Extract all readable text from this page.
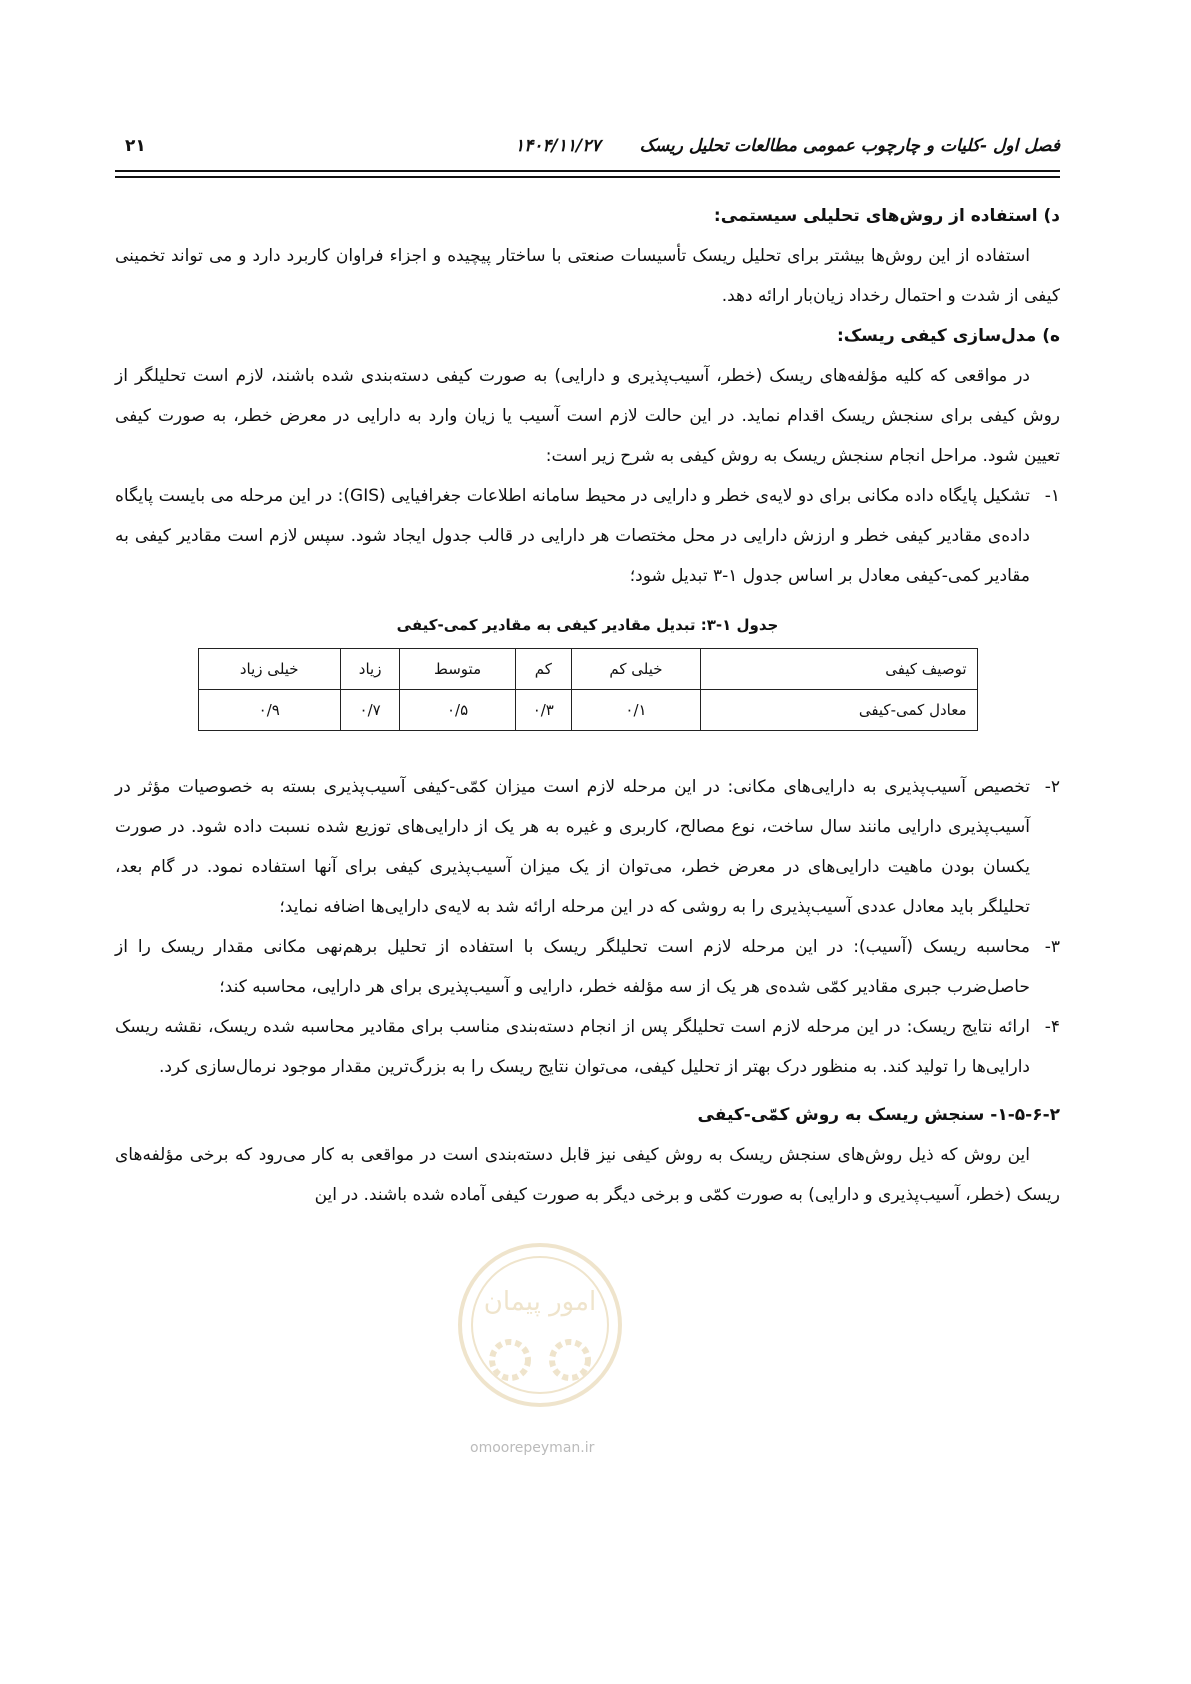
فصل اول -کلیات و چارچوب عمومی مطالعات تحلیل ریسک
۱۴۰۴/۱۱/۲۷
۲۱

د) استفاده از روش‌های تحلیلی سیستمی:

استفاده از این روش‌ها بیشتر برای تحلیل ریسک تأسیسات صنعتی با ساختار پیچیده و اجزاء فراوان کاربرد دارد و می تواند تخمینی کیفی از شدت و احتمال رخداد زیان‌بار ارائه دهد.

ه) مدل‌سازی کیفی ریسک:

در مواقعی که کلیه مؤلفه‌های ریسک (خطر، آسیب‌پذیری و دارایی) به صورت کیفی دسته‌بندی شده باشند، لازم است تحلیلگر از روش کیفی برای سنجش ریسک اقدام نماید. در این حالت لازم است آسیب یا زیان وارد به دارایی در معرض خطر، به صورت کیفی تعیین شود. مراحل انجام سنجش ریسک به روش کیفی به شرح زیر است:

۱-
تشکیل پایگاه داده مکانی برای دو لایه‌ی خطر و دارایی در محیط سامانه اطلاعات جغرافیایی (GIS): در این مرحله می بایست پایگاه داده‌ی مقادیر کیفی خطر و ارزش دارایی در محل مختصات هر دارایی در قالب جدول ایجاد شود. سپس لازم است مقادیر کیفی به مقادیر کمی-کیفی معادل بر اساس جدول ۱-۳ تبدیل شود؛
جدول ۱-۳: تبدیل مقادیر کیفی به مقادیر کمی-کیفی
توصیف کیفی	خیلی کم	کم	متوسط	زیاد	خیلی زیاد
معادل کمی-کیفی	۰/۱	۰/۳	۰/۵	۰/۷	۰/۹
۲-
تخصیص آسیب‌پذیری به دارایی‌های مکانی: در این مرحله لازم است میزان کمّی-کیفی آسیب‌پذیری بسته به خصوصیات مؤثر در آسیب‌پذیری دارایی مانند سال ساخت، نوع مصالح، کاربری و غیره به هر یک از دارایی‌های توزیع شده نسبت داده شود. در صورت یکسان بودن ماهیت دارایی‌های در معرض خطر، می‌توان از یک میزان آسیب‌پذیری کیفی برای آنها استفاده نمود. در گام بعد، تحلیلگر باید معادل عددی آسیب‌پذیری را به روشی که در این مرحله ارائه شد به لایه‌ی دارایی‌ها اضافه نماید؛
۳-
محاسبه ریسک (آسیب): در این مرحله لازم است تحلیلگر ریسک با استفاده از تحلیل برهم‌نهی مکانی مقدار ریسک را از حاصل‌ضرب جبری مقادیر کمّی شده‌ی هر یک از سه مؤلفه خطر، دارایی و آسیب‌پذیری برای هر دارایی، محاسبه کند؛
۴-
ارائه نتایج ریسک: در این مرحله لازم است تحلیلگر پس از انجام دسته‌بندی مناسب برای مقادیر محاسبه شده ریسک، نقشه ریسک دارایی‌ها را تولید کند. به منظور درک بهتر از تحلیل کیفی، می‌توان نتایج ریسک را به بزرگ‌ترین مقدار موجود نرمال‌سازی کرد.

۱-۵-۶-۲- سنجش ریسک به روش کمّی-کیفی

این روش که ذیل روش‌های سنجش ریسک به روش کیفی نیز قابل دسته‌بندی است در مواقعی به کار می‌رود که برخی مؤلفه‌های ریسک (خطر، آسیب‌پذیری و دارایی) به صورت کمّی و برخی دیگر به صورت کیفی آماده شده باشند. در این

امور پیمان
omoorepeyman.ir
